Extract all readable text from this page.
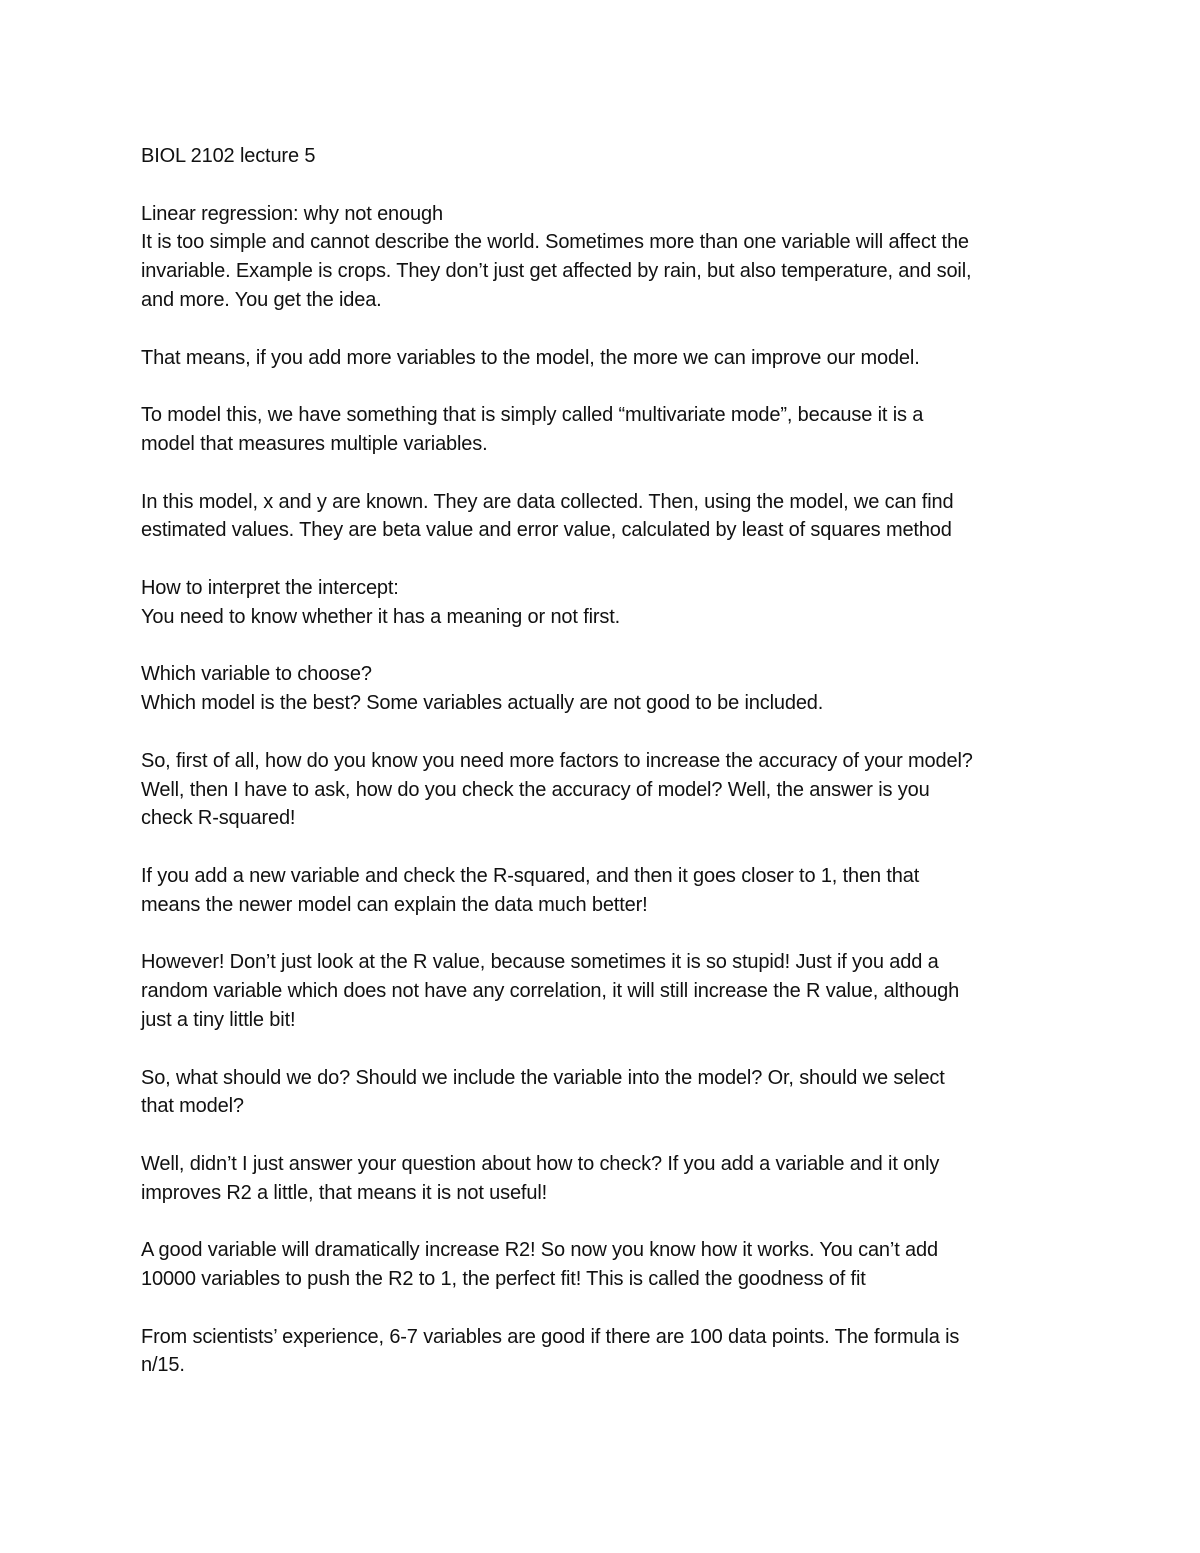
BIOL 2102 lecture 5

Linear regression: why not enough
It is too simple and cannot describe the world. Sometimes more than one variable will affect the
invariable. Example is crops. They don’t just get affected by rain, but also temperature, and soil,
and more. You get the idea.

That means, if you add more variables to the model, the more we can improve our model.

To model this, we have something that is simply called “multivariate mode”, because it is a
model that measures multiple variables.

In this model, x and y are known. They are data collected. Then, using the model, we can find
estimated values. They are beta value and error value, calculated by least of squares method

How to interpret the intercept:
You need to know whether it has a meaning or not first.

Which variable to choose?
Which model is the best? Some variables actually are not good to be included.

So, first of all, how do you know you need more factors to increase the accuracy of your model?
Well, then I have to ask, how do you check the accuracy of model? Well, the answer is you
check R-squared!

If you add a new variable and check the R-squared, and then it goes closer to 1, then that
means the newer model can explain the data much better!

However! Don’t just look at the R value, because sometimes it is so stupid! Just if you add a
random variable which does not have any correlation, it will still increase the R value, although
just a tiny little bit!

So, what should we do? Should we include the variable into the model? Or, should we select
that model?

Well, didn’t I just answer your question about how to check? If you add a variable and it only
improves R2 a little, that means it is not useful!

A good variable will dramatically increase R2! So now you know how it works. You can’t add
10000 variables to push the R2 to 1, the perfect fit! This is called the goodness of fit

From scientists’ experience, 6-7 variables are good if there are 100 data points. The formula is
n/15.
